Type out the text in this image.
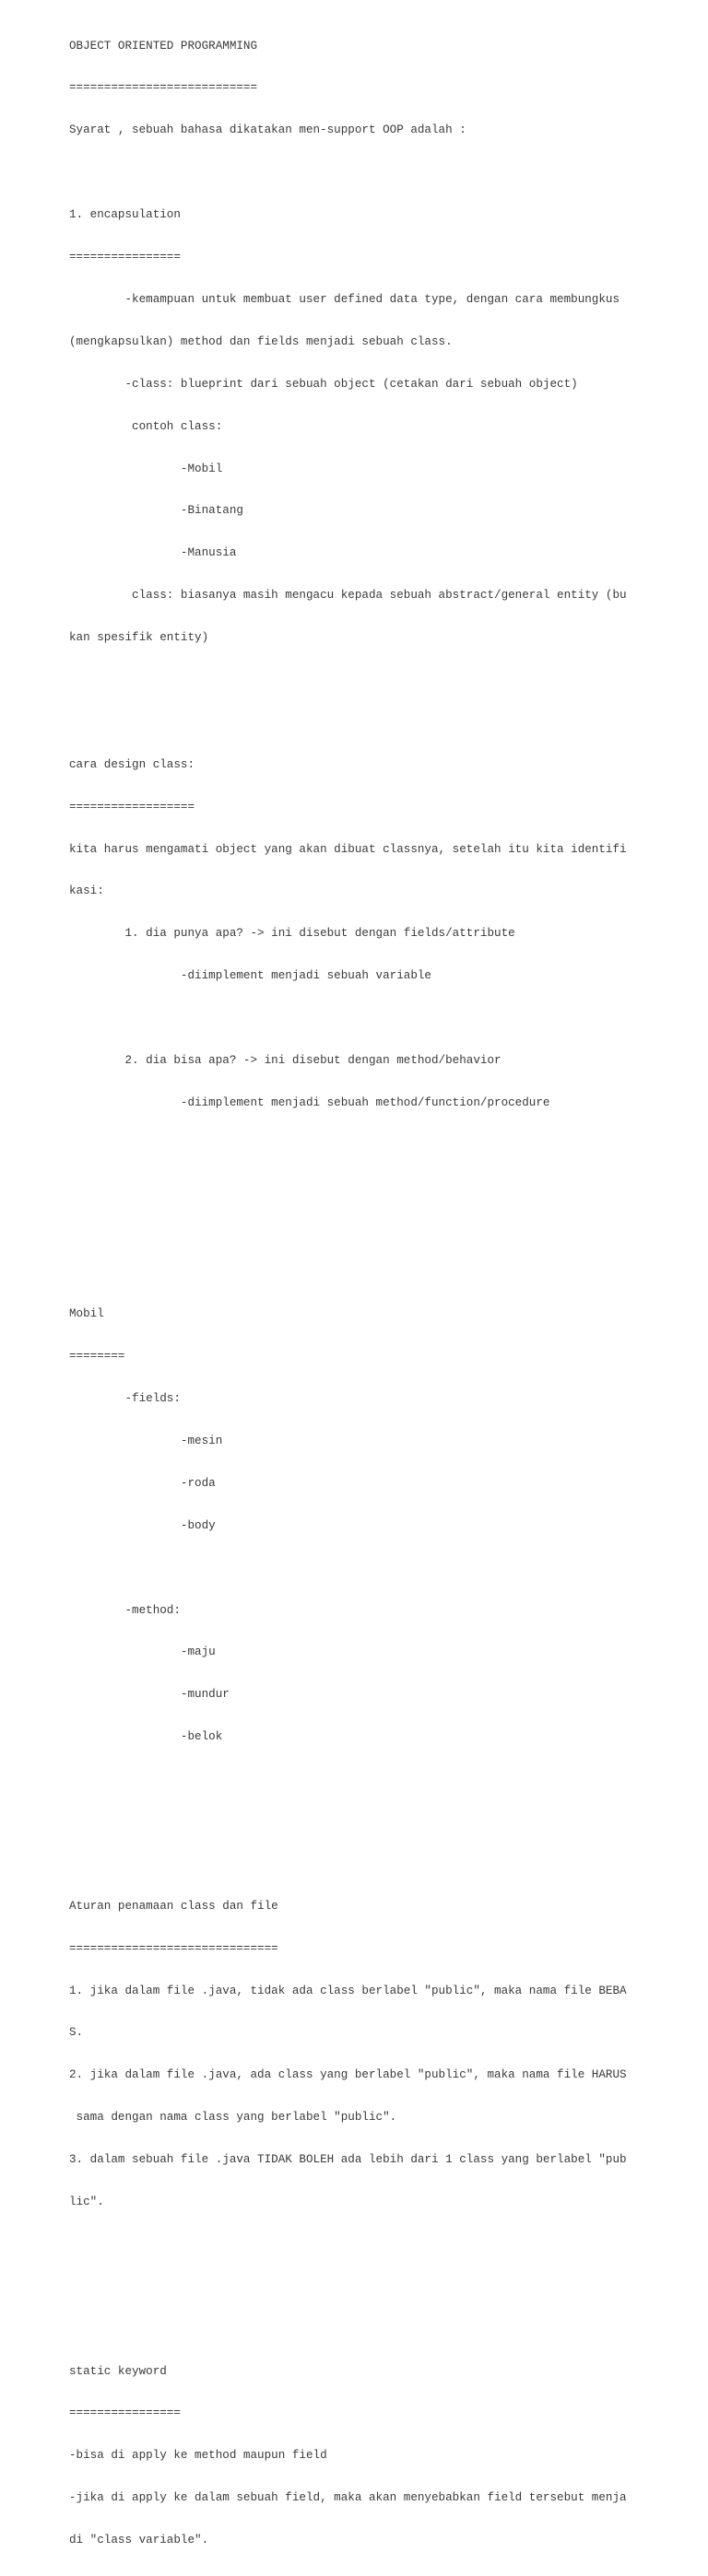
OBJECT ORIENTED PROGRAMMING

===========================

Syarat , sebuah bahasa dikatakan men-support OOP adalah :

1. encapsulation

================

-kemampuan untuk membuat user defined data type, dengan cara membungkus

(mengkapsulkan) method dan fields menjadi sebuah class.

-class: blueprint dari sebuah object (cetakan dari sebuah object)

contoh class:

-Mobil

-Binatang

-Manusia

class: biasanya masih mengacu kepada sebuah abstract/general entity (bu

kan spesifik entity)

cara design class:

==================

kita harus mengamati object yang akan dibuat classnya, setelah itu kita identifi

kasi:

1. dia punya apa? -> ini disebut dengan fields/attribute

-diimplement menjadi sebuah variable

2. dia bisa apa? -> ini disebut dengan method/behavior

-diimplement menjadi sebuah method/function/procedure

Mobil

========

-fields:

-mesin

-roda

-body

-method:

-maju

-mundur

-belok

Aturan penamaan class dan file

==============================

1. jika dalam file .java, tidak ada class berlabel "public", maka nama file BEBA

S.

2. jika dalam file .java, ada class yang berlabel "public", maka nama file HARUS

sama dengan nama class yang berlabel "public".

3. dalam sebuah file .java TIDAK BOLEH ada lebih dari 1 class yang berlabel "pub

lic".

static keyword

================

-bisa di apply ke method maupun field

-jika di apply ke dalam sebuah field, maka akan menyebabkan field tersebut menja

di "class variable".
